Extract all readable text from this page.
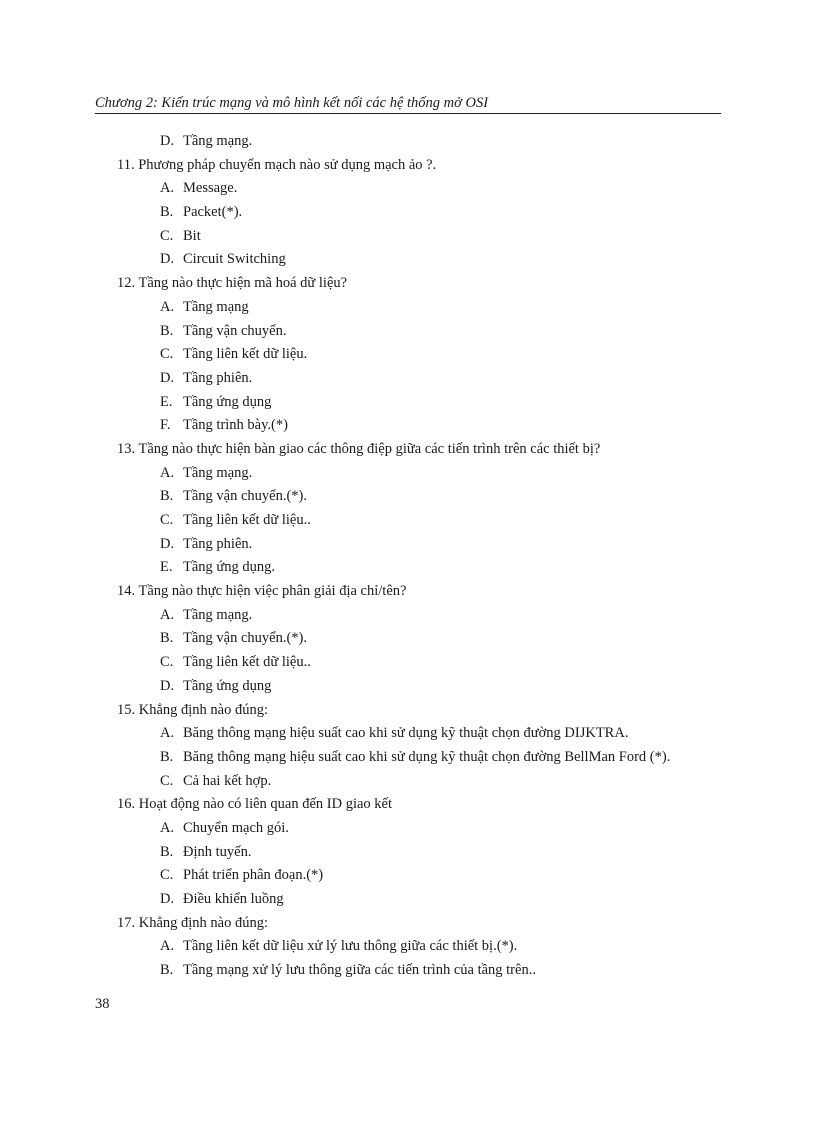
Chương 2: Kiến trúc mạng và mô hình kết nối các hệ thống mở OSI
D. Tầng mạng.
11. Phương pháp chuyển mạch nào sử dụng mạch ảo ?.
A. Message.
B. Packet(*).
C. Bit
D. Circuit Switching
12. Tầng nào thực hiện mã hoá dữ liệu?
A. Tầng mạng
B. Tầng vận chuyển.
C. Tầng liên kết dữ liệu.
D. Tầng phiên.
E. Tầng ứng dụng
F. Tầng trình bày.(*)
13. Tầng nào thực hiện bàn giao các thông điệp giữa các tiến trình trên các thiết bị?
A. Tầng mạng.
B. Tầng vận chuyển.(*).
C. Tầng liên kết dữ liệu..
D. Tầng phiên.
E. Tầng ứng dụng.
14. Tầng nào thực hiện việc phân giải địa chỉ/tên?
A. Tầng mạng.
B. Tầng vận chuyển.(*).
C. Tầng liên kết dữ liệu..
D. Tầng ứng dụng
15. Khẳng định nào đúng:
A. Băng thông mạng hiệu suất cao khi sử dụng kỹ thuật chọn đường DIJKTRA.
B. Băng thông mạng hiệu suất cao khi sử dụng kỹ thuật chọn đường BellMan Ford (*).
C. Cả hai kết hợp.
16. Hoạt động nào có liên quan đến ID giao kết
A. Chuyển mạch gói.
B. Định tuyến.
C. Phát triển phân đoạn.(*)
D. Điều khiển luồng
17. Khẳng định nào đúng:
A. Tầng liên kết dữ liệu xử lý lưu thông giữa các thiết bị.(*).
B. Tầng mạng xử lý lưu thông giữa các tiến trình của tầng trên..
38
